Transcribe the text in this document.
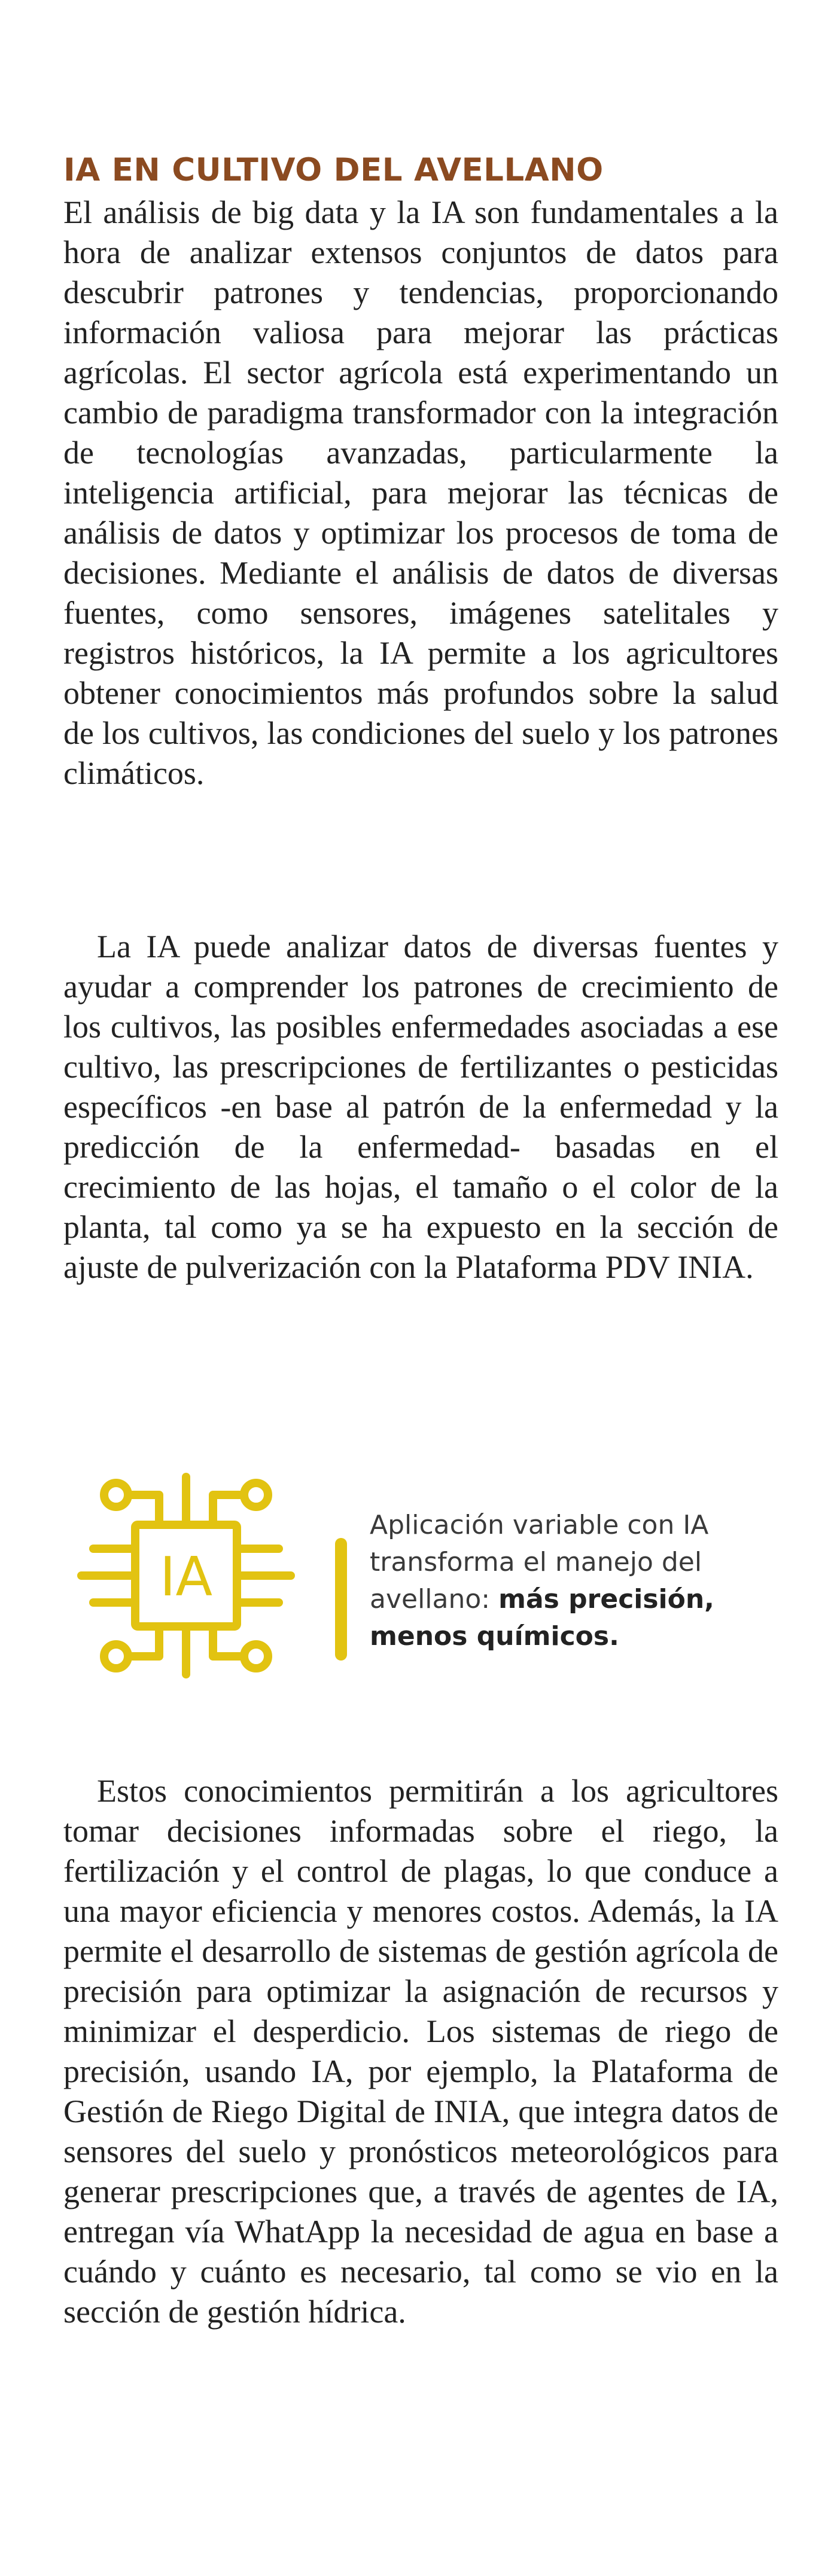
IA EN CULTIVO DEL AVELLANO

El análisis de big data y la IA son fundamentales a la hora de analizar extensos conjuntos de datos para descubrir patrones y tendencias, proporcionando información valiosa para mejorar las prácticas agrícolas. El sector agrícola está experimentando un cambio de paradigma transformador con la integración de tecnologías avanzadas, particularmente la inteligencia artificial, para mejorar las técnicas de análisis de datos y optimizar los procesos de toma de decisiones. Mediante el análisis de datos de diversas fuentes, como sensores, imágenes satelitales y registros históricos, la IA permite a los agricultores obtener conocimientos más profundos sobre la salud de los cultivos, las condiciones del suelo y los patrones climáticos.

La IA puede analizar datos de diversas fuentes y ayudar a comprender los patrones de crecimiento de los cultivos, las posibles enfermedades asociadas a ese cultivo, las prescripciones de fertilizantes o pesticidas específicos -en base al patrón de la enfermedad y la predicción de la enfermedad- basadas en el crecimiento de las hojas, el tamaño o el color de la planta, tal como ya se ha expuesto en la sección de ajuste de pulverización con la Plataforma PDV INIA.

IA

Aplicación variable con IA transforma el manejo del avellano: más precisión, menos químicos.

Estos conocimientos permitirán a los agricultores tomar decisiones informadas sobre el riego, la fertilización y el control de plagas, lo que conduce a una mayor eficiencia y menores costos. Además, la IA permite el desarrollo de sistemas de gestión agrícola de precisión para optimizar la asignación de recursos y minimizar el desperdicio. Los sistemas de riego de precisión, usando IA, por ejemplo, la Plataforma de Gestión de Riego Digital de INIA, que integra datos de sensores del suelo y pronósticos meteorológicos para generar prescripciones que, a través de agentes de IA, entregan vía WhatApp la necesidad de agua en base a cuándo y cuánto es necesario, tal como se vio en la sección de gestión hídrica.
